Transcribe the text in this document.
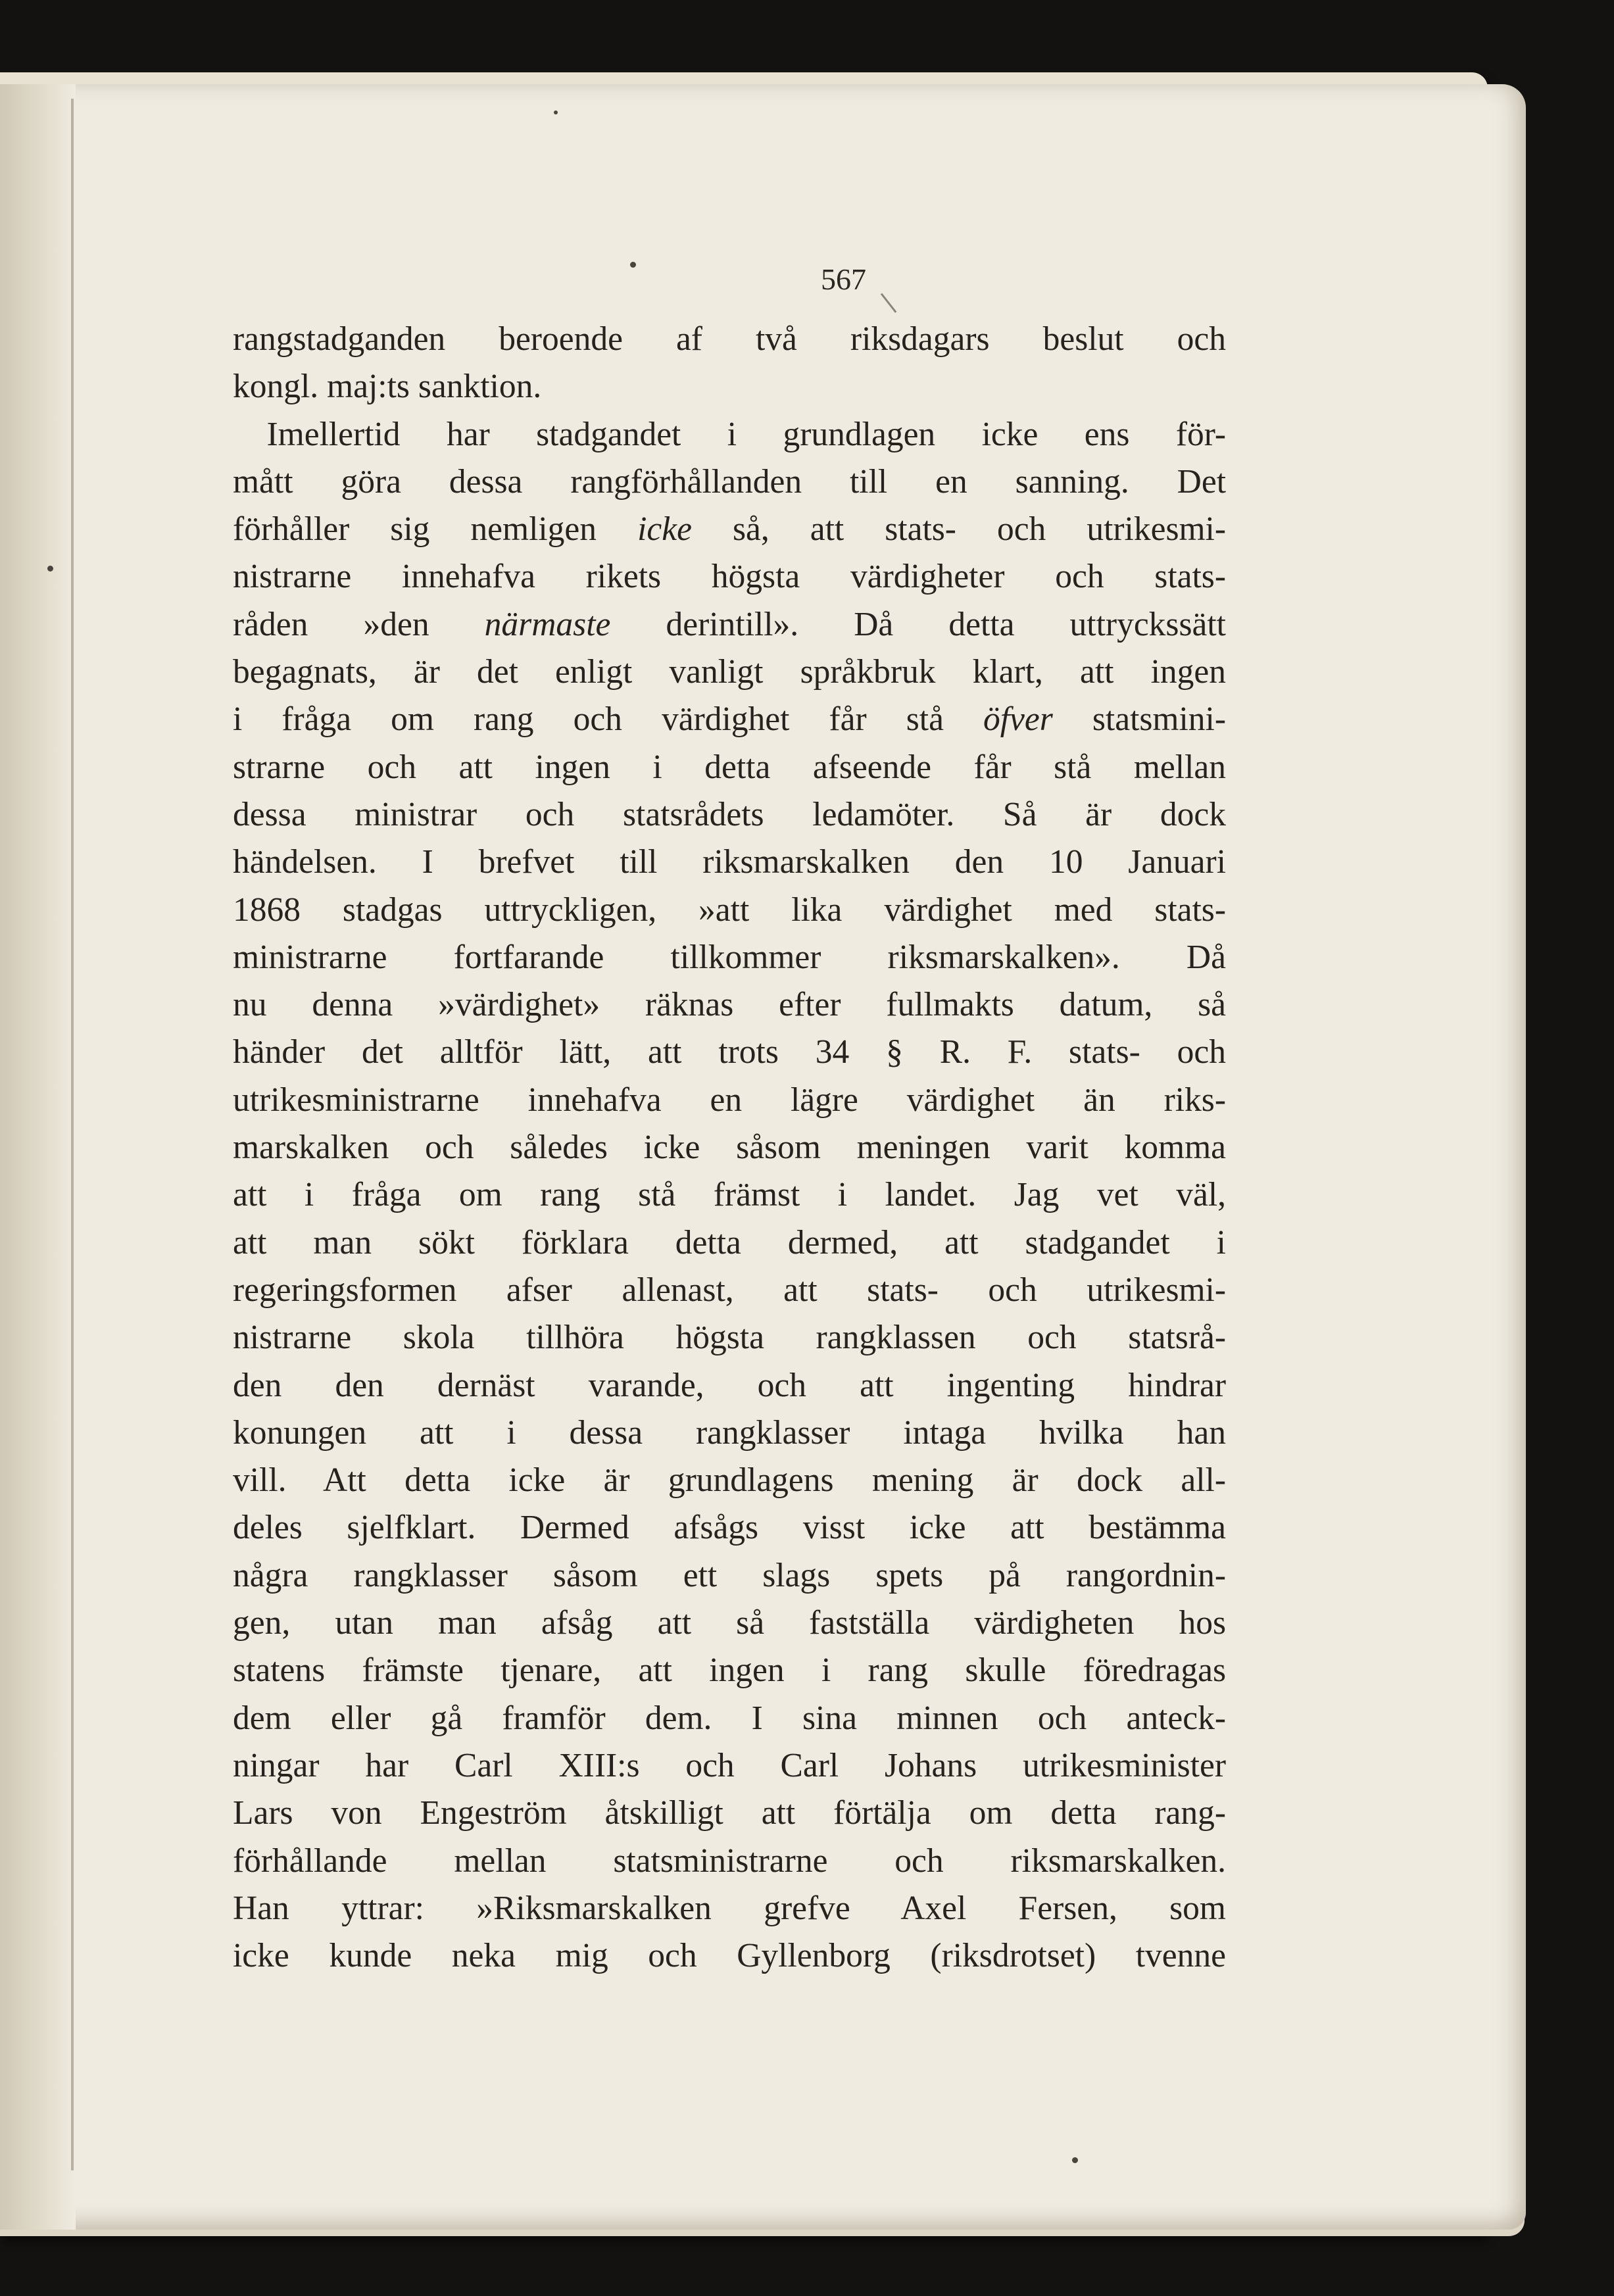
567
rangstadganden beroende af två riksdagars beslut och
kongl. maj:ts sanktion.
 Imellertid har stadgandet i grundlagen icke ens för-
mått göra dessa rangförhållanden till en sanning. Det
förhåller sig nemligen icke så, att stats- och utrikesmi-
nistrarne innehafva rikets högsta värdigheter och stats-
råden »den närmaste derintill». Då detta uttryckssätt
begagnats, är det enligt vanligt språkbruk klart, att ingen
i fråga om rang och värdighet får stå öfver statsmini-
strarne och att ingen i detta afseende får stå mellan
dessa ministrar och statsrådets ledamöter. Så är dock
händelsen. I brefvet till riksmarskalken den 10 Januari
1868 stadgas uttryckligen, »att lika värdighet med stats-
ministrarne fortfarande tillkommer riksmarskalken». Då
nu denna »värdighet» räknas efter fullmakts datum, så
händer det alltför lätt, att trots 34 § R. F. stats- och
utrikesministrarne innehafva en lägre värdighet än riks-
marskalken och således icke såsom meningen varit komma
att i fråga om rang stå främst i landet. Jag vet väl,
att man sökt förklara detta dermed, att stadgandet i
regeringsformen afser allenast, att stats- och utrikesmi-
nistrarne skola tillhöra högsta rangklassen och statsrå-
den den dernäst varande, och att ingenting hindrar
konungen att i dessa rangklasser intaga hvilka han
vill. Att detta icke är grundlagens mening är dock all-
deles sjelfklart. Dermed afsågs visst icke att bestämma
några rangklasser såsom ett slags spets på rangordnin-
gen, utan man afsåg att så fastställa värdigheten hos
statens främste tjenare, att ingen i rang skulle föredragas
dem eller gå framför dem. I sina minnen och anteck-
ningar har Carl XIII:s och Carl Johans utrikesminister
Lars von Engeström åtskilligt att förtälja om detta rang-
förhållande mellan statsministrarne och riksmarskalken.
Han yttrar: »Riksmarskalken grefve Axel Fersen, som
icke kunde neka mig och Gyllenborg (riksdrotset) tvenne
